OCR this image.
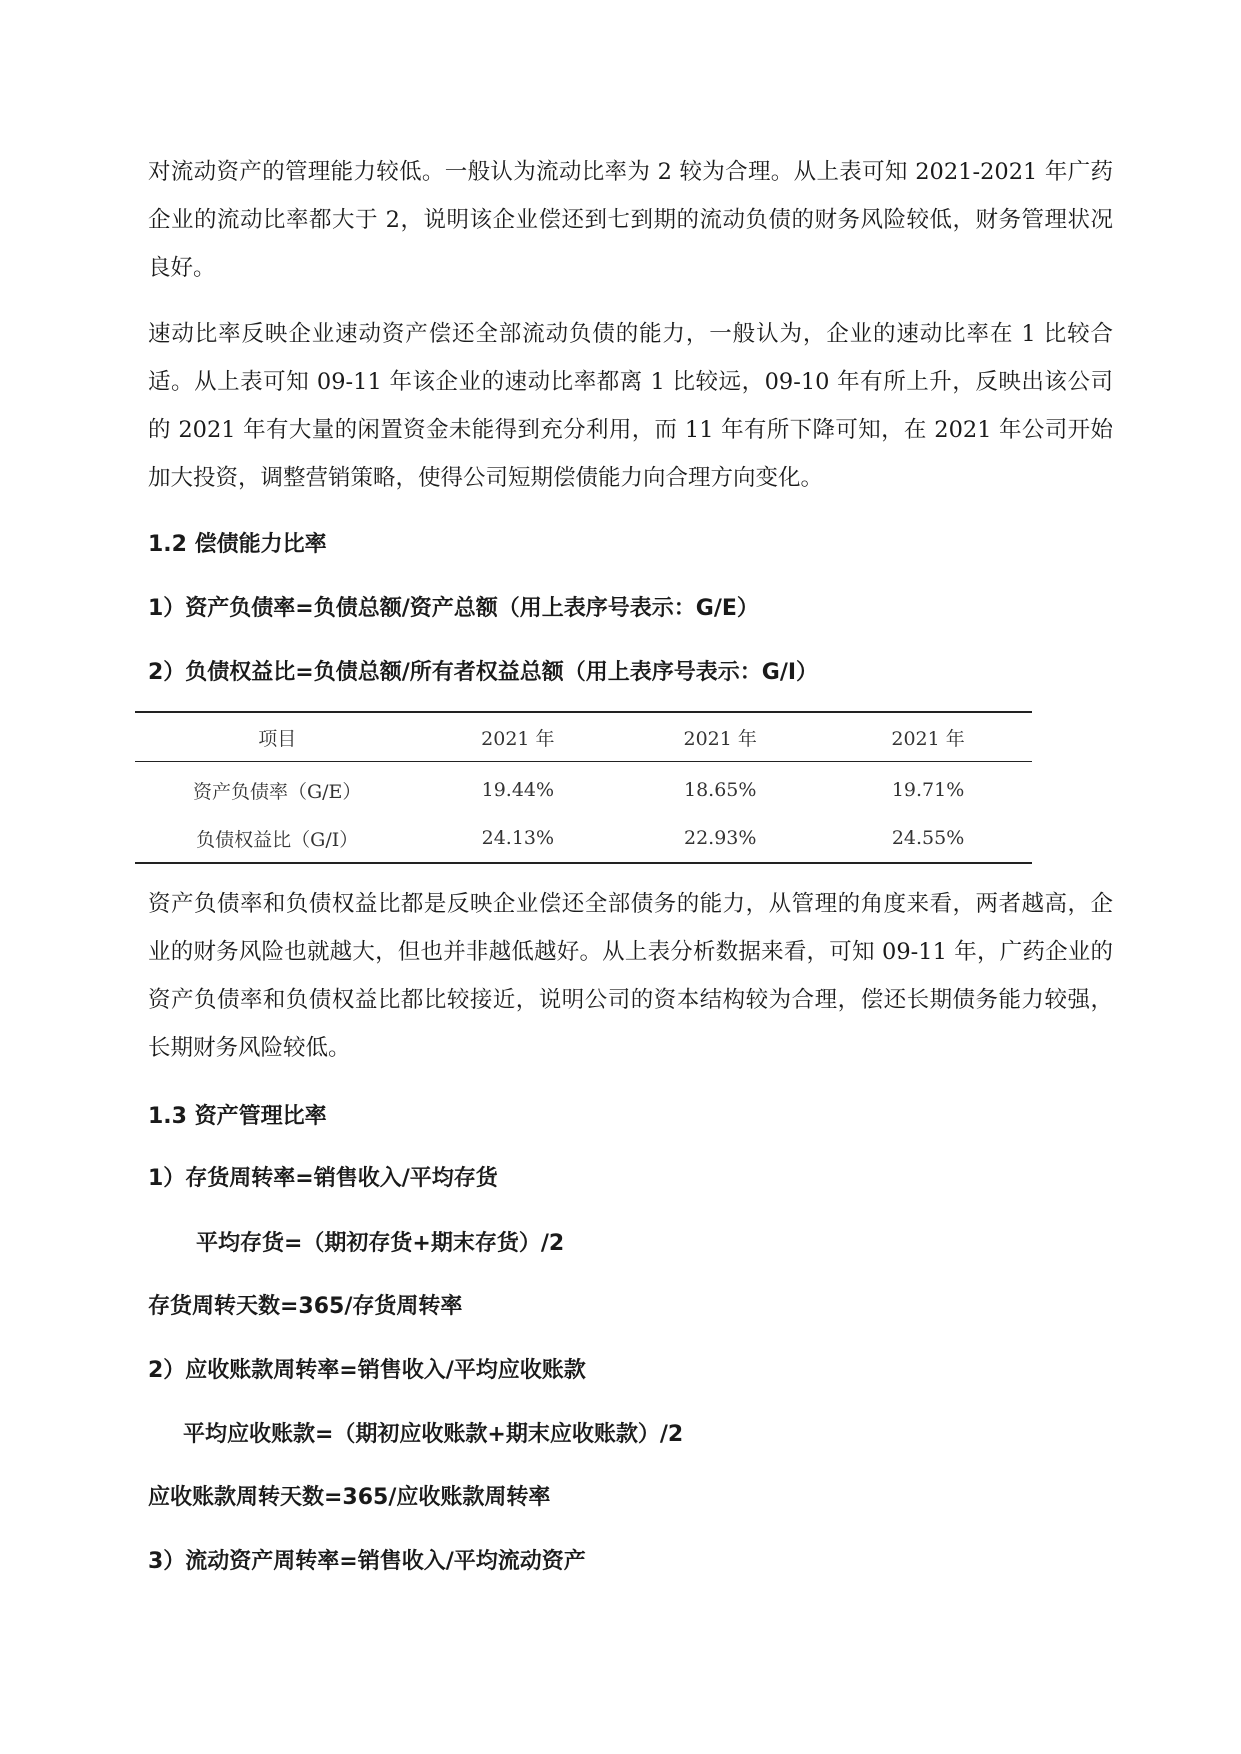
对流动资产的管理能力较低。一般认为流动比率为 2 较为合理。从上表可知 2021-2021 年广药企业的流动比率都大于 2，说明该企业偿还到七到期的流动负债的财务风险较低，财务管理状况良好。

速动比率反映企业速动资产偿还全部流动负债的能力，一般认为，企业的速动比率在 1 比较合适。从上表可知 09-11 年该企业的速动比率都离 1 比较远，09-10 年有所上升，反映出该公司的 2021 年有大量的闲置资金未能得到充分利用，而 11 年有所下降可知，在 2021 年公司开始加大投资，调整营销策略，使得公司短期偿债能力向合理方向变化。

1.2 偿债能力比率

1）资产负债率=负债总额/资产总额（用上表序号表示：G/E）

2）负债权益比=负债总额/所有者权益总额（用上表序号表示：G/I）

项目	2021 年	2021 年	2021 年
资产负债率（G/E）	19.44%	18.65%	19.71%
负债权益比（G/I）	24.13%	22.93%	24.55%

资产负债率和负债权益比都是反映企业偿还全部债务的能力，从管理的角度来看，两者越高，企业的财务风险也就越大，但也并非越低越好。从上表分析数据来看，可知 09-11 年，广药企业的资产负债率和负债权益比都比较接近，说明公司的资本结构较为合理，偿还长期债务能力较强，长期财务风险较低。

1.3 资产管理比率

1）存货周转率=销售收入/平均存货

平均存货=（期初存货+期末存货）/2

存货周转天数=365/存货周转率

2）应收账款周转率=销售收入/平均应收账款

平均应收账款=（期初应收账款+期末应收账款）/2

应收账款周转天数=365/应收账款周转率

3）流动资产周转率=销售收入/平均流动资产
